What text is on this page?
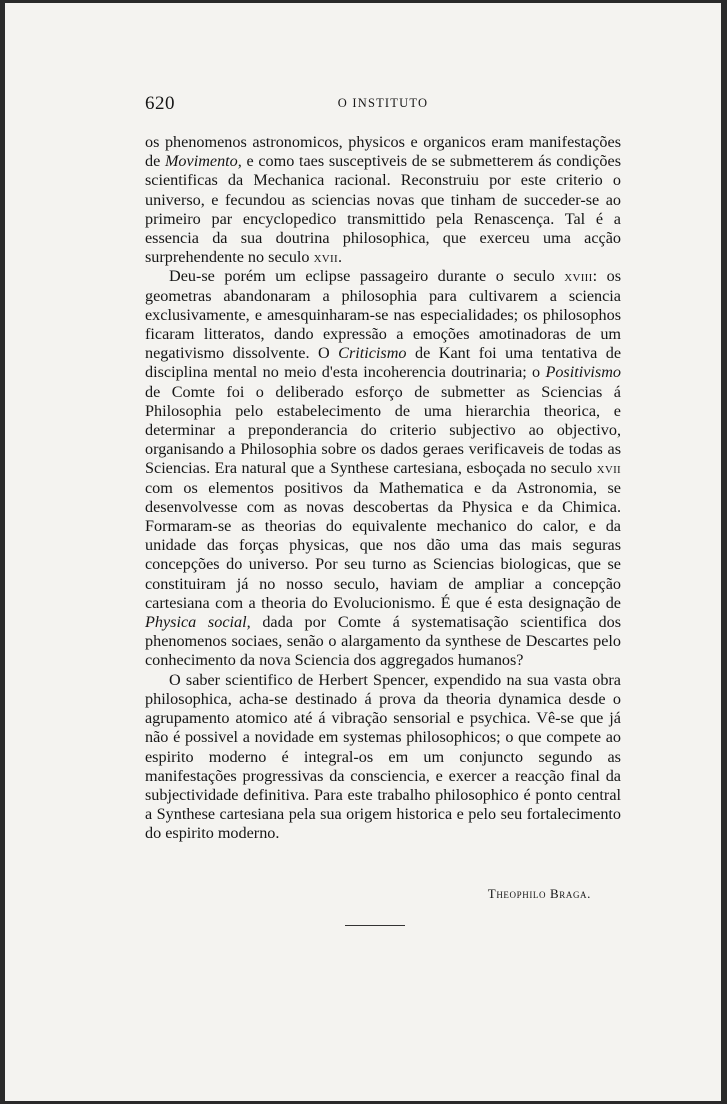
620	O INSTITUTO

os phenomenos astronomicos, physicos e organicos eram manifestações de Movimento, e como taes susceptiveis de se submetterem ás condições scientificas da Mechanica racional. Reconstruiu por este criterio o universo, e fecundou as sciencias novas que tinham de succeder-se ao primeiro par encyclopedico transmittido pela Renascença. Tal é a essencia da sua doutrina philosophica, que exerceu uma acção surprehendente no seculo xvii.

Deu-se porém um eclipse passageiro durante o seculo xviii: os geometras abandonaram a philosophia para cultivarem a sciencia exclusivamente, e amesquinharam-se nas especialidades; os philosophos ficaram litteratos, dando expressão a emoções amotinadoras de um negativismo dissolvente. O Criticismo de Kant foi uma tentativa de disciplina mental no meio d'esta incoherencia doutrinaria; o Positivismo de Comte foi o deliberado esforço de submetter as Sciencias á Philosophia pelo estabelecimento de uma hierarchia theorica, e determinar a preponderancia do criterio subjectivo ao objectivo, organisando a Philosophia sobre os dados geraes verificaveis de todas as Sciencias. Era natural que a Synthese cartesiana, esboçada no seculo xvii com os elementos positivos da Mathematica e da Astronomia, se desenvolvesse com as novas descobertas da Physica e da Chimica. Formaram-se as theorias do equivalente mechanico do calor, e da unidade das forças physicas, que nos dão uma das mais seguras concepções do universo. Por seu turno as Sciencias biologicas, que se constituiram já no nosso seculo, haviam de ampliar a concepção cartesiana com a theoria do Evolucionismo. É que é esta designação de Physica social, dada por Comte á systematisação scientifica dos phenomenos sociaes, senão o alargamento da synthese de Descartes pelo conhecimento da nova Sciencia dos aggregados humanos?

O saber scientifico de Herbert Spencer, expendido na sua vasta obra philosophica, acha-se destinado á prova da theoria dynamica desde o agrupamento atomico até á vibração sensorial e psychica. Vê-se que já não é possivel a novidade em systemas philosophicos; o que compete ao espirito moderno é integral-os em um conjuncto segundo as manifestações progressivas da consciencia, e exercer a reacção final da subjectividade definitiva. Para este trabalho philosophico é ponto central a Synthese cartesiana pela sua origem historica e pelo seu fortalecimento do espirito moderno.

Theophilo Braga.
